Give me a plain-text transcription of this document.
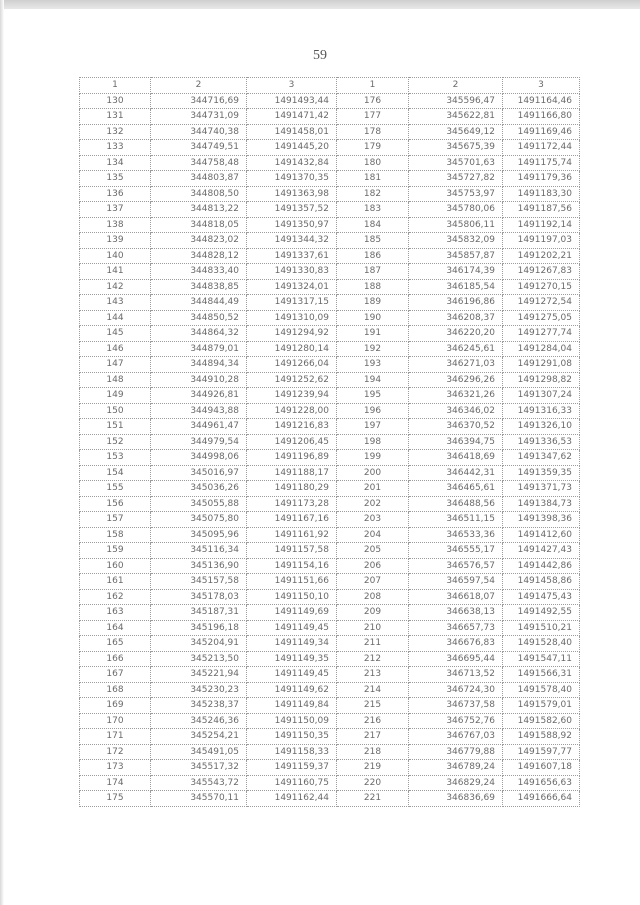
59
1	2	3	1	2	3
130	344716,69	1491493,44	176	345596,47	1491164,46
131	344731,09	1491471,42	177	345622,81	1491166,80
132	344740,38	1491458,01	178	345649,12	1491169,46
133	344749,51	1491445,20	179	345675,39	1491172,44
134	344758,48	1491432,84	180	345701,63	1491175,74
135	344803,87	1491370,35	181	345727,82	1491179,36
136	344808,50	1491363,98	182	345753,97	1491183,30
137	344813,22	1491357,52	183	345780,06	1491187,56
138	344818,05	1491350,97	184	345806,11	1491192,14
139	344823,02	1491344,32	185	345832,09	1491197,03
140	344828,12	1491337,61	186	345857,87	1491202,21
141	344833,40	1491330,83	187	346174,39	1491267,83
142	344838,85	1491324,01	188	346185,54	1491270,15
143	344844,49	1491317,15	189	346196,86	1491272,54
144	344850,52	1491310,09	190	346208,37	1491275,05
145	344864,32	1491294,92	191	346220,20	1491277,74
146	344879,01	1491280,14	192	346245,61	1491284,04
147	344894,34	1491266,04	193	346271,03	1491291,08
148	344910,28	1491252,62	194	346296,26	1491298,82
149	344926,81	1491239,94	195	346321,26	1491307,24
150	344943,88	1491228,00	196	346346,02	1491316,33
151	344961,47	1491216,83	197	346370,52	1491326,10
152	344979,54	1491206,45	198	346394,75	1491336,53
153	344998,06	1491196,89	199	346418,69	1491347,62
154	345016,97	1491188,17	200	346442,31	1491359,35
155	345036,26	1491180,29	201	346465,61	1491371,73
156	345055,88	1491173,28	202	346488,56	1491384,73
157	345075,80	1491167,16	203	346511,15	1491398,36
158	345095,96	1491161,92	204	346533,36	1491412,60
159	345116,34	1491157,58	205	346555,17	1491427,43
160	345136,90	1491154,16	206	346576,57	1491442,86
161	345157,58	1491151,66	207	346597,54	1491458,86
162	345178,03	1491150,10	208	346618,07	1491475,43
163	345187,31	1491149,69	209	346638,13	1491492,55
164	345196,18	1491149,45	210	346657,73	1491510,21
165	345204,91	1491149,34	211	346676,83	1491528,40
166	345213,50	1491149,35	212	346695,44	1491547,11
167	345221,94	1491149,45	213	346713,52	1491566,31
168	345230,23	1491149,62	214	346724,30	1491578,40
169	345238,37	1491149,84	215	346737,58	1491579,01
170	345246,36	1491150,09	216	346752,76	1491582,60
171	345254,21	1491150,35	217	346767,03	1491588,92
172	345491,05	1491158,33	218	346779,88	1491597,77
173	345517,32	1491159,37	219	346789,24	1491607,18
174	345543,72	1491160,75	220	346829,24	1491656,63
175	345570,11	1491162,44	221	346836,69	1491666,64
